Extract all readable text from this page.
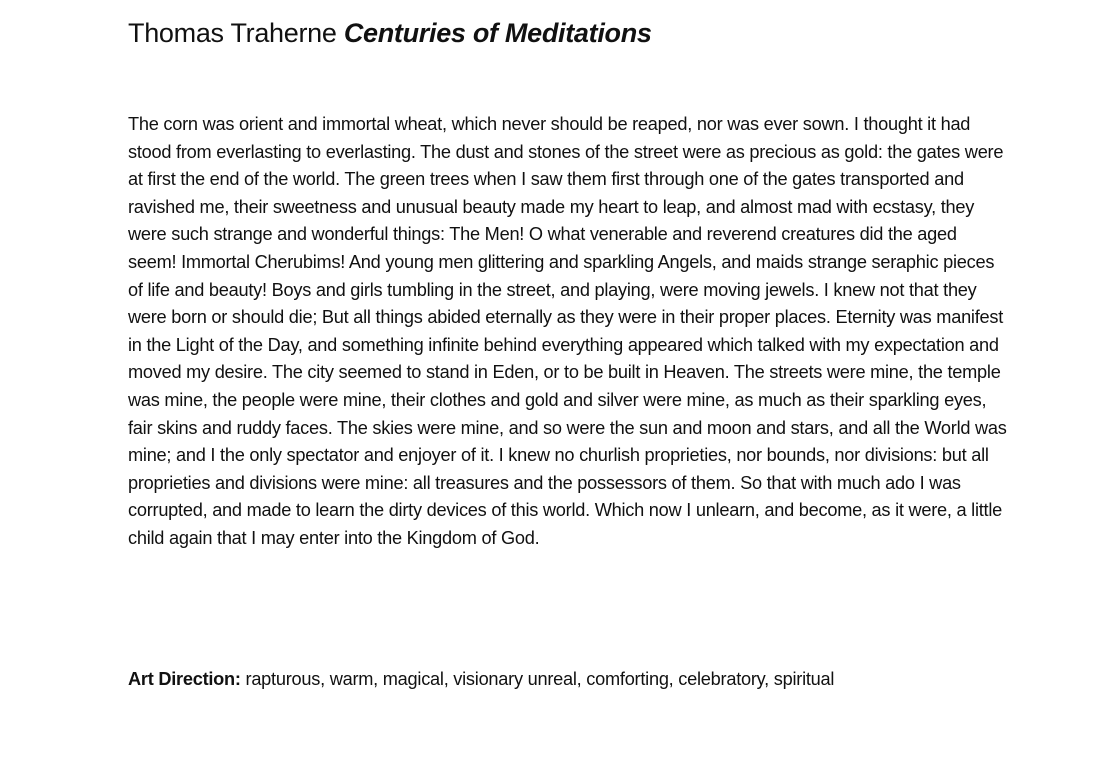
Thomas Traherne Centuries of Meditations

The corn was orient and immortal wheat, which never should be reaped, nor was ever sown. I thought it had stood from everlasting to everlasting. The dust and stones of the street were as precious as gold: the gates were at first the end of the world. The green trees when I saw them first through one of the gates transported and ravished me, their sweetness and unusual beauty made my heart to leap, and almost mad with ecstasy, they were such strange and wonderful things: The Men! O what venerable and reverend creatures did the aged seem! Immortal Cherubims! And young men glittering and sparkling Angels, and maids strange seraphic pieces of life and beauty! Boys and girls tumbling in the street, and playing, were moving jewels. I knew not that they were born or should die; But all things abided eternally as they were in their proper places. Eternity was manifest in the Light of the Day, and something infinite behind everything appeared which talked with my expectation and moved my desire. The city seemed to stand in Eden, or to be built in Heaven. The streets were mine, the temple was mine, the people were mine, their clothes and gold and silver were mine, as much as their sparkling eyes, fair skins and ruddy faces. The skies were mine, and so were the sun and moon and stars, and all the World was mine; and I the only spectator and enjoyer of it. I knew no churlish proprieties, nor bounds, nor divisions: but all proprieties and divisions were mine: all treasures and the possessors of them. So that with much ado I was corrupted, and made to learn the dirty devices of this world. Which now I unlearn, and become, as it were, a little child again that I may enter into the Kingdom of God.

Art Direction: rapturous, warm, magical, visionary unreal, comforting, celebratory, spiritual
